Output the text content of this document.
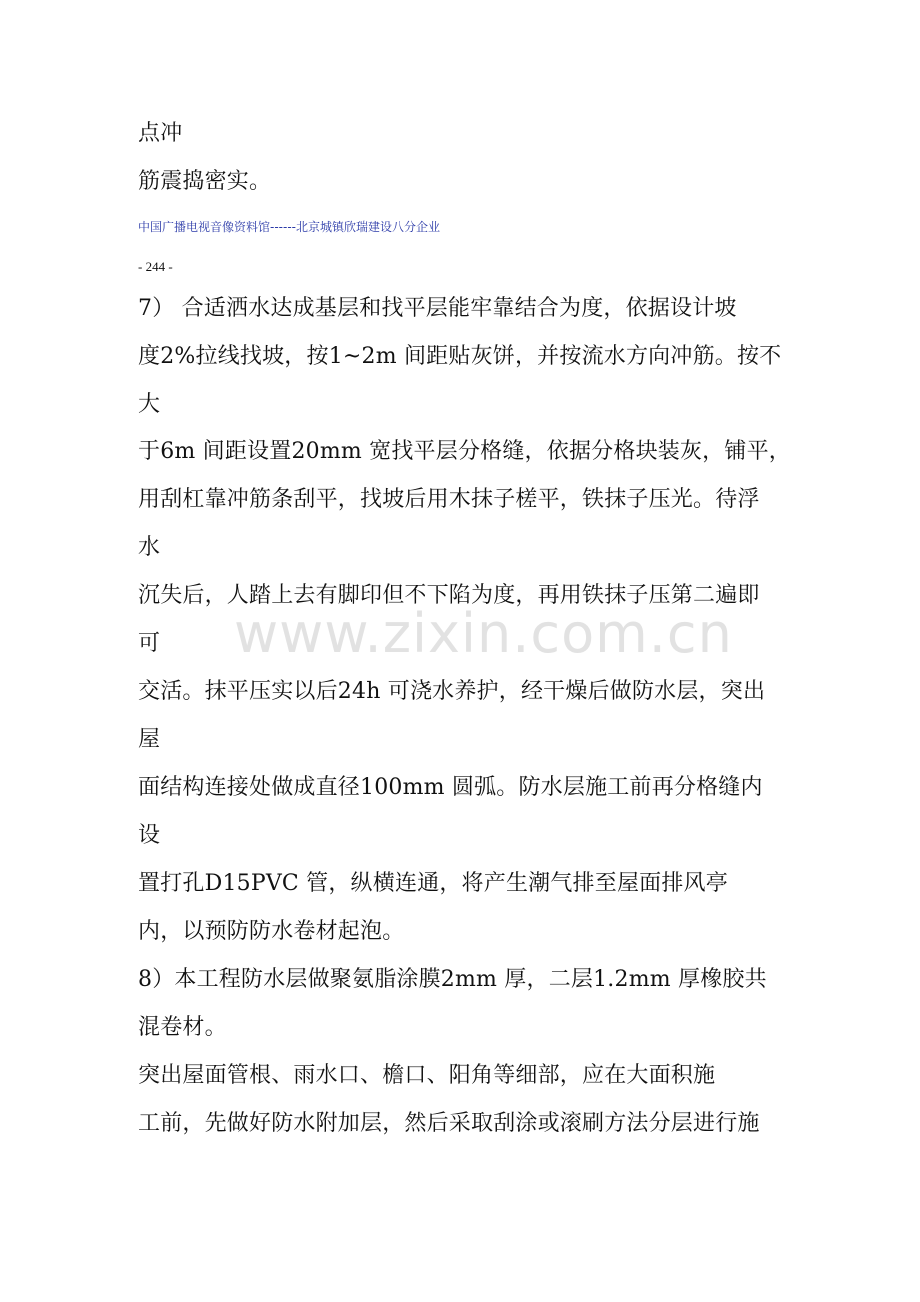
www.zixin.com.cn
点冲
筋震捣密实。
中国广播电视音像资料馆------北京城镇欣瑞建设八分企业
- 244 -
7） 合适洒水达成基层和找平层能牢靠结合为度，依据设计坡
度2%拉线找坡，按1~2m 间距贴灰饼，并按流水方向冲筋。按不
大
于6m 间距设置20mm 宽找平层分格缝，依据分格块装灰，铺平，
用刮杠靠冲筋条刮平，找坡后用木抹子槎平，铁抹子压光。待浮
水
沉失后，人踏上去有脚印但不下陷为度，再用铁抹子压第二遍即
可
交活。抹平压实以后24h 可浇水养护，经干燥后做防水层，突出
屋
面结构连接处做成直径100mm 圆弧。防水层施工前再分格缝内
设
置打孔D15PVC 管，纵横连通，将产生潮气排至屋面排风亭
内，以预防防水卷材起泡。
8）本工程防水层做聚氨脂涂膜2mm 厚，二层1.2mm 厚橡胶共
混卷材。
突出屋面管根、雨水口、檐口、阳角等细部，应在大面积施
工前，先做好防水附加层，然后采取刮涂或滚刷方法分层进行施
